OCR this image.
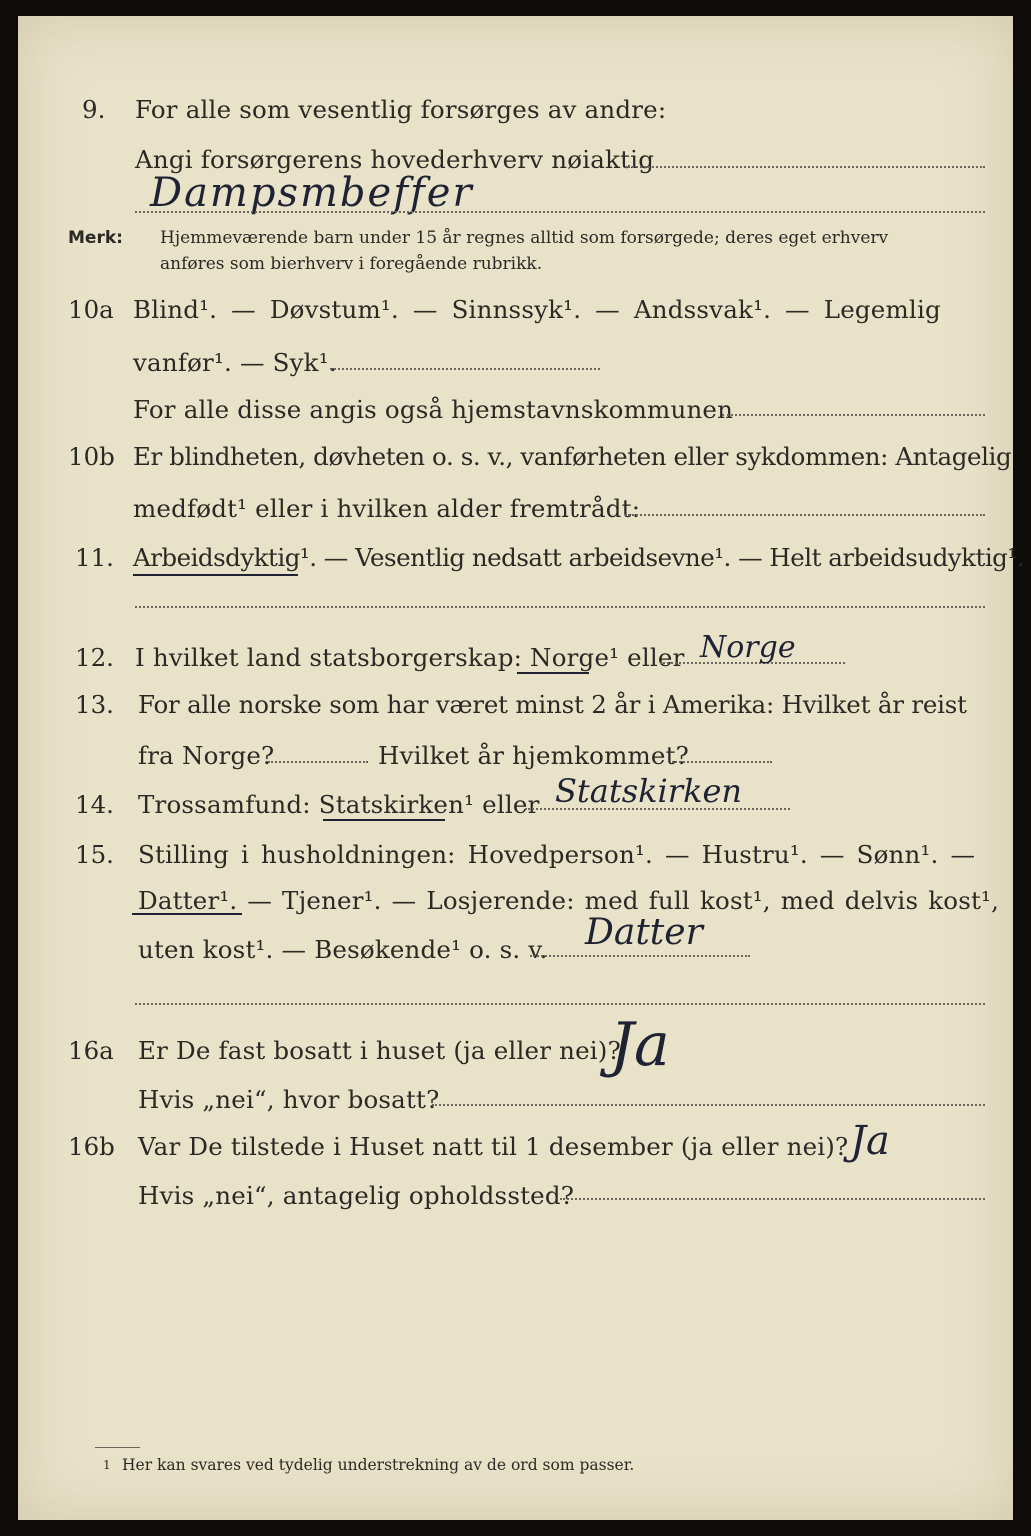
9. For alle som vesentlig forsørges av andre:
Angi forsørgerens hovederhverv nøiaktig
Dampsmbeffer
Merk: Hjemmeværende barn under 15 år regnes alltid som forsørgede; deres eget erhverv
anføres som bierhverv i foregående rubrikk.
10a Blind¹. — Døvstum¹. — Sinnssyk¹. — Andssvak¹. — Legemlig
vanfør¹. — Syk¹.
For alle disse angis også hjemstavnskommunen
10b Er blindheten, døvheten o. s. v., vanførheten eller sykdommen: Antagelig
medfødt¹ eller i hvilken alder fremtrådt:
11. Arbeidsdyktig¹. — Vesentlig nedsatt arbeidsevne¹. — Helt arbeidsudyktig¹.
12. I hvilket land statsborgerskap: Norge¹ eller Norge
13. For alle norske som har været minst 2 år i Amerika: Hvilket år reist
fra Norge?	Hvilket år hjemkommet?
14. Trossamfund: Statskirken¹ eller Statskirken
15. Stilling i husholdningen: Hovedperson¹. — Hustru¹. — Sønn¹. —
Datter¹. — Tjener¹. — Losjerende: med full kost¹, med delvis kost¹,
uten kost¹. — Besøkende¹ o. s. v. Datter
16a Er De fast bosatt i huset (ja eller nei)?
Ja
Hvis „nei“, hvor bosatt?
16b Var De tilstede i Huset natt til 1 desember (ja eller nei)? Ja
Hvis „nei“, antagelig opholdssted?
1 Her kan svares ved tydelig understrekning av de ord som passer.
